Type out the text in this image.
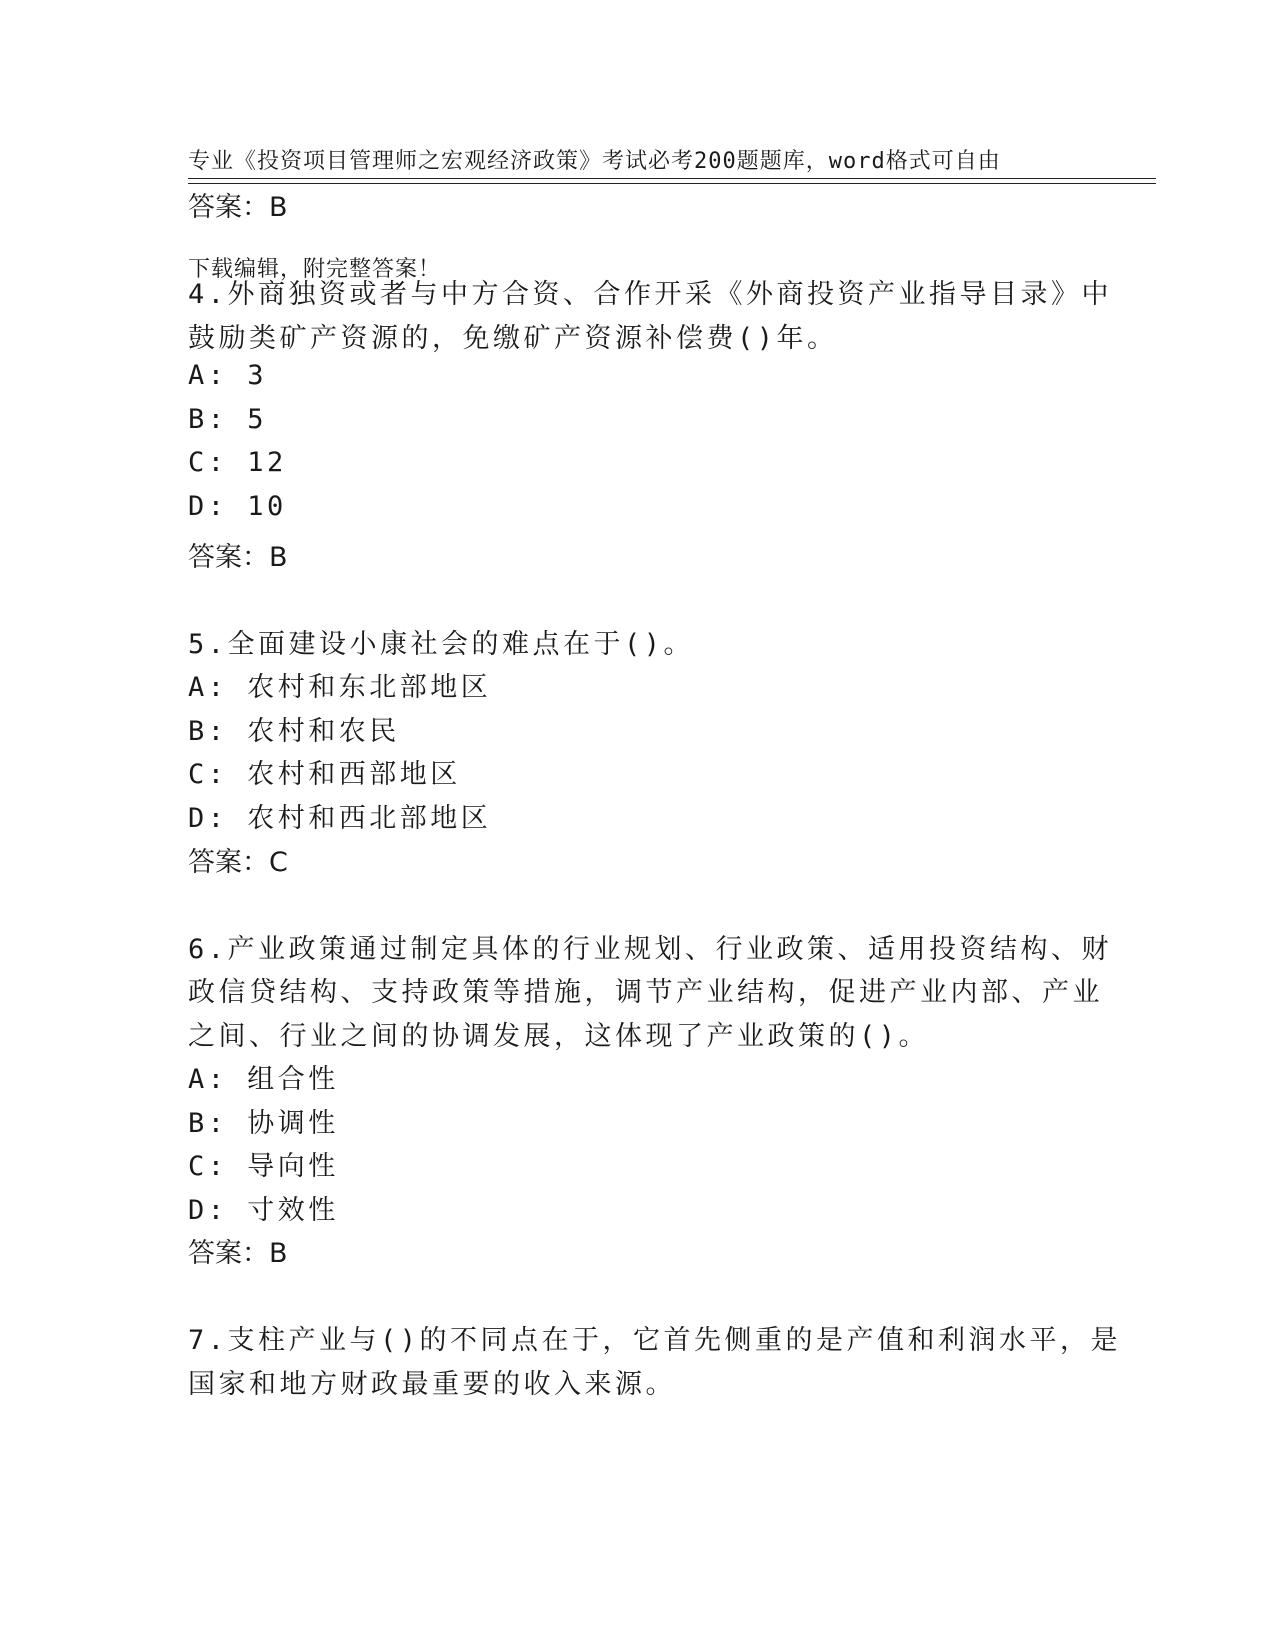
专业《投资项目管理师之宏观经济政策》考试必考200题题库，word格式可自由

下载编辑，附完整答案！

答案：B
4.外商独资或者与中方合资、合作开采《外商投资产业指导目录》中
鼓励类矿产资源的，免缴矿产资源补偿费()年。
A: 3
B: 5
C: 12
D: 10
答案：B
5.全面建设小康社会的难点在于()。
A: 农村和东北部地区
B: 农村和农民
C: 农村和西部地区
D: 农村和西北部地区
答案：C
6.产业政策通过制定具体的行业规划、行业政策、适用投资结构、财
政信贷结构、支持政策等措施，调节产业结构，促进产业内部、产业
之间、行业之间的协调发展，这体现了产业政策的()。
A: 组合性
B: 协调性
C: 导向性
D: 寸效性
答案：B
7.支柱产业与()的不同点在于，它首先侧重的是产值和利润水平，是
国家和地方财政最重要的收入来源。
